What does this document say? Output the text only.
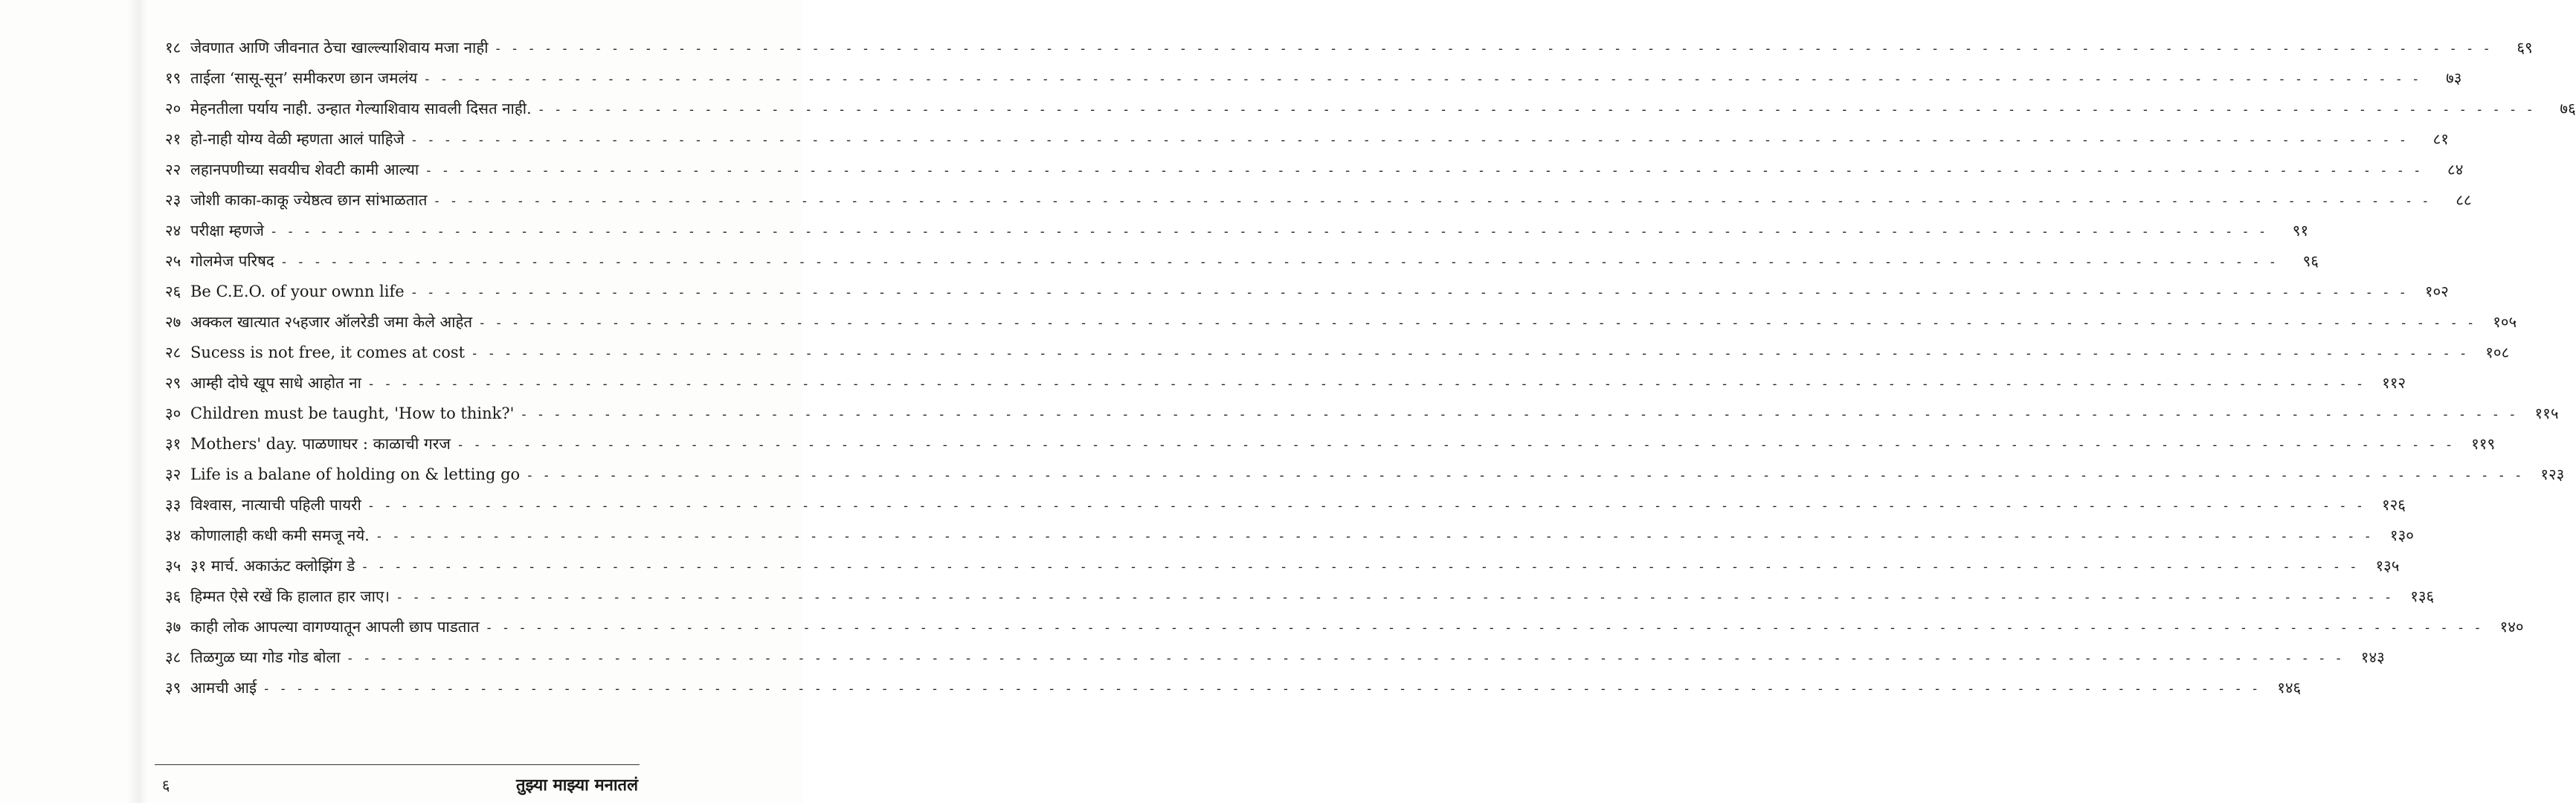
१८ जेवणात आणि जीवनात ठेचा खाल्ल्याशिवाय मजा नाही - - - - - - - - - - - - - - - - - - - - - - - - - - - - - - - - - - - - - - - - - - - - - - - - - - - - - - - - - - - - - - - - - - - - - - - - - - - - - - - - - - - - - - - - - - - - - - - - - - - - - - - - - - - - - - - - - - - - - - - -	६९
१९ ताईला ‘सासू-सून’ समीकरण छान जमलंय - - - - - - - - - - - - - - - - - - - - - - - - - - - - - - - - - - - - - - - - - - - - - - - - - - - - - - - - - - - - - - - - - - - - - - - - - - - - - - - - - - - - - - - - - - - - - - - - - - - - - - - - - - - - - - - - - - - - - - - -	७३
२० मेहनतीला पर्याय नाही. उन्हात गेल्याशिवाय सावली दिसत नाही. - - - - - - - - - - - - - - - - - - - - - - - - - - - - - - - - - - - - - - - - - - - - - - - - - - - - - - - - - - - - - - - - - - - - - - - - - - - - - - - - - - - - - - - - - - - - - - - - - - - - - - - - - - - - - - - - - - - - - - - -	७६
२१ हो-नाही योग्य वेळी म्हणता आलं पाहिजे - - - - - - - - - - - - - - - - - - - - - - - - - - - - - - - - - - - - - - - - - - - - - - - - - - - - - - - - - - - - - - - - - - - - - - - - - - - - - - - - - - - - - - - - - - - - - - - - - - - - - - - - - - - - - - - - - - - - - - - -	८१
२२ लहानपणीच्या सवयीच शेवटी कामी आल्या - - - - - - - - - - - - - - - - - - - - - - - - - - - - - - - - - - - - - - - - - - - - - - - - - - - - - - - - - - - - - - - - - - - - - - - - - - - - - - - - - - - - - - - - - - - - - - - - - - - - - - - - - - - - - - - - - - - - - - - -	८४
२३ जोशी काका-काकू ज्येष्ठत्व छान सांभाळतात - - - - - - - - - - - - - - - - - - - - - - - - - - - - - - - - - - - - - - - - - - - - - - - - - - - - - - - - - - - - - - - - - - - - - - - - - - - - - - - - - - - - - - - - - - - - - - - - - - - - - - - - - - - - - - - - - - - - - - - -	८८
२४ परीक्षा म्हणजे - - - - - - - - - - - - - - - - - - - - - - - - - - - - - - - - - - - - - - - - - - - - - - - - - - - - - - - - - - - - - - - - - - - - - - - - - - - - - - - - - - - - - - - - - - - - - - - - - - - - - - - - - - - - - - - - - - - - - - - -	९१
२५ गोलमेज परिषद - - - - - - - - - - - - - - - - - - - - - - - - - - - - - - - - - - - - - - - - - - - - - - - - - - - - - - - - - - - - - - - - - - - - - - - - - - - - - - - - - - - - - - - - - - - - - - - - - - - - - - - - - - - - - - - - - - - - - - - -	९६
२६ Be C.E.O. of your ownn life - - - - - - - - - - - - - - - - - - - - - - - - - - - - - - - - - - - - - - - - - - - - - - - - - - - - - - - - - - - - - - - - - - - - - - - - - - - - - - - - - - - - - - - - - - - - - - - - - - - - - - - - - - - - - - - - - - - - - - - -	१०२
२७ अक्कल खात्यात २५हजार ऑलरेडी जमा केले आहेत - - - - - - - - - - - - - - - - - - - - - - - - - - - - - - - - - - - - - - - - - - - - - - - - - - - - - - - - - - - - - - - - - - - - - - - - - - - - - - - - - - - - - - - - - - - - - - - - - - - - - - - - - - - - - - - - - - - - - - - -	१०५
२८ Sucess is not free, it comes at cost - - - - - - - - - - - - - - - - - - - - - - - - - - - - - - - - - - - - - - - - - - - - - - - - - - - - - - - - - - - - - - - - - - - - - - - - - - - - - - - - - - - - - - - - - - - - - - - - - - - - - - - - - - - - - - - - - - - - - - - -	१०८
२९ आम्ही दोघे खूप साधे आहोत ना - - - - - - - - - - - - - - - - - - - - - - - - - - - - - - - - - - - - - - - - - - - - - - - - - - - - - - - - - - - - - - - - - - - - - - - - - - - - - - - - - - - - - - - - - - - - - - - - - - - - - - - - - - - - - - - - - - - - - - - -	११२
३० Children must be taught, 'How to think?' - - - - - - - - - - - - - - - - - - - - - - - - - - - - - - - - - - - - - - - - - - - - - - - - - - - - - - - - - - - - - - - - - - - - - - - - - - - - - - - - - - - - - - - - - - - - - - - - - - - - - - - - - - - - - - - - - - - - - - - -	११५
३१ Mothers' day. पाळणाघर : काळाची गरज - - - - - - - - - - - - - - - - - - - - - - - - - - - - - - - - - - - - - - - - - - - - - - - - - - - - - - - - - - - - - - - - - - - - - - - - - - - - - - - - - - - - - - - - - - - - - - - - - - - - - - - - - - - - - - - - - - - - - - - -	११९
३२ Life is a balane of holding on & letting go - - - - - - - - - - - - - - - - - - - - - - - - - - - - - - - - - - - - - - - - - - - - - - - - - - - - - - - - - - - - - - - - - - - - - - - - - - - - - - - - - - - - - - - - - - - - - - - - - - - - - - - - - - - - - - - - - - - - - - - -	१२३
३३ विश्वास, नात्याची पहिली पायरी - - - - - - - - - - - - - - - - - - - - - - - - - - - - - - - - - - - - - - - - - - - - - - - - - - - - - - - - - - - - - - - - - - - - - - - - - - - - - - - - - - - - - - - - - - - - - - - - - - - - - - - - - - - - - - - - - - - - - - - -	१२६
३४ कोणालाही कधी कमी समजू नये. - - - - - - - - - - - - - - - - - - - - - - - - - - - - - - - - - - - - - - - - - - - - - - - - - - - - - - - - - - - - - - - - - - - - - - - - - - - - - - - - - - - - - - - - - - - - - - - - - - - - - - - - - - - - - - - - - - - - - - - -	१३०
३५ ३१ मार्च. अकाऊंट क्लोझिंग डे - - - - - - - - - - - - - - - - - - - - - - - - - - - - - - - - - - - - - - - - - - - - - - - - - - - - - - - - - - - - - - - - - - - - - - - - - - - - - - - - - - - - - - - - - - - - - - - - - - - - - - - - - - - - - - - - - - - - - - - -	१३५
३६ हिम्मत ऐसे रखें कि हालात हार जाए। - - - - - - - - - - - - - - - - - - - - - - - - - - - - - - - - - - - - - - - - - - - - - - - - - - - - - - - - - - - - - - - - - - - - - - - - - - - - - - - - - - - - - - - - - - - - - - - - - - - - - - - - - - - - - - - - - - - - - - - -	१३६
३७ काही लोक आपल्या वागण्यातून आपली छाप पाडतात - - - - - - - - - - - - - - - - - - - - - - - - - - - - - - - - - - - - - - - - - - - - - - - - - - - - - - - - - - - - - - - - - - - - - - - - - - - - - - - - - - - - - - - - - - - - - - - - - - - - - - - - - - - - - - - - - - - - - - - -	१४०
३८ तिळगुळ घ्या गोड गोड बोला - - - - - - - - - - - - - - - - - - - - - - - - - - - - - - - - - - - - - - - - - - - - - - - - - - - - - - - - - - - - - - - - - - - - - - - - - - - - - - - - - - - - - - - - - - - - - - - - - - - - - - - - - - - - - - - - - - - - - - - -	१४३
३९ आमची आई - - - - - - - - - - - - - - - - - - - - - - - - - - - - - - - - - - - - - - - - - - - - - - - - - - - - - - - - - - - - - - - - - - - - - - - - - - - - - - - - - - - - - - - - - - - - - - - - - - - - - - - - - - - - - - - - - - - - - - - -	१४६
६	तुझ्या माझ्या मनातलं
